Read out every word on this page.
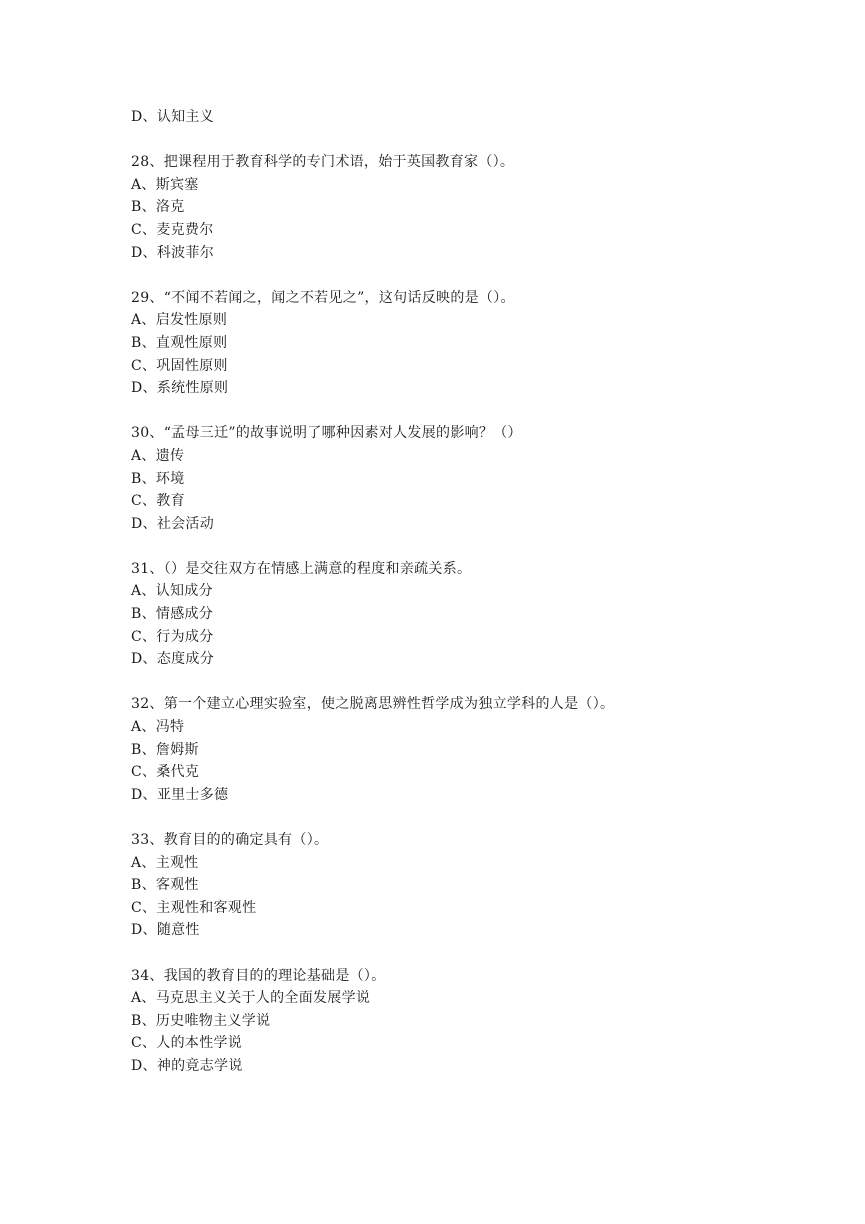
D、认知主义
28、把课程用于教育科学的专门术语，始于英国教育家（）。
A、斯宾塞
B、洛克
C、麦克费尔
D、科波菲尔
29、“不闻不若闻之，闻之不若见之”，这句话反映的是（）。
A、启发性原则
B、直观性原则
C、巩固性原则
D、系统性原则
30、“孟母三迁”的故事说明了哪种因素对人发展的影响？（）
A、遗传
B、环境
C、教育
D、社会活动
31、（）是交往双方在情感上满意的程度和亲疏关系。
A、认知成分
B、情感成分
C、行为成分
D、态度成分
32、第一个建立心理实验室，使之脱离思辨性哲学成为独立学科的人是（）。
A、冯特
B、詹姆斯
C、桑代克
D、亚里士多德
33、教育目的的确定具有（）。
A、主观性
B、客观性
C、主观性和客观性
D、随意性
34、我国的教育目的的理论基础是（）。
A、马克思主义关于人的全面发展学说
B、历史唯物主义学说
C、人的本性学说
D、神的竟志学说
